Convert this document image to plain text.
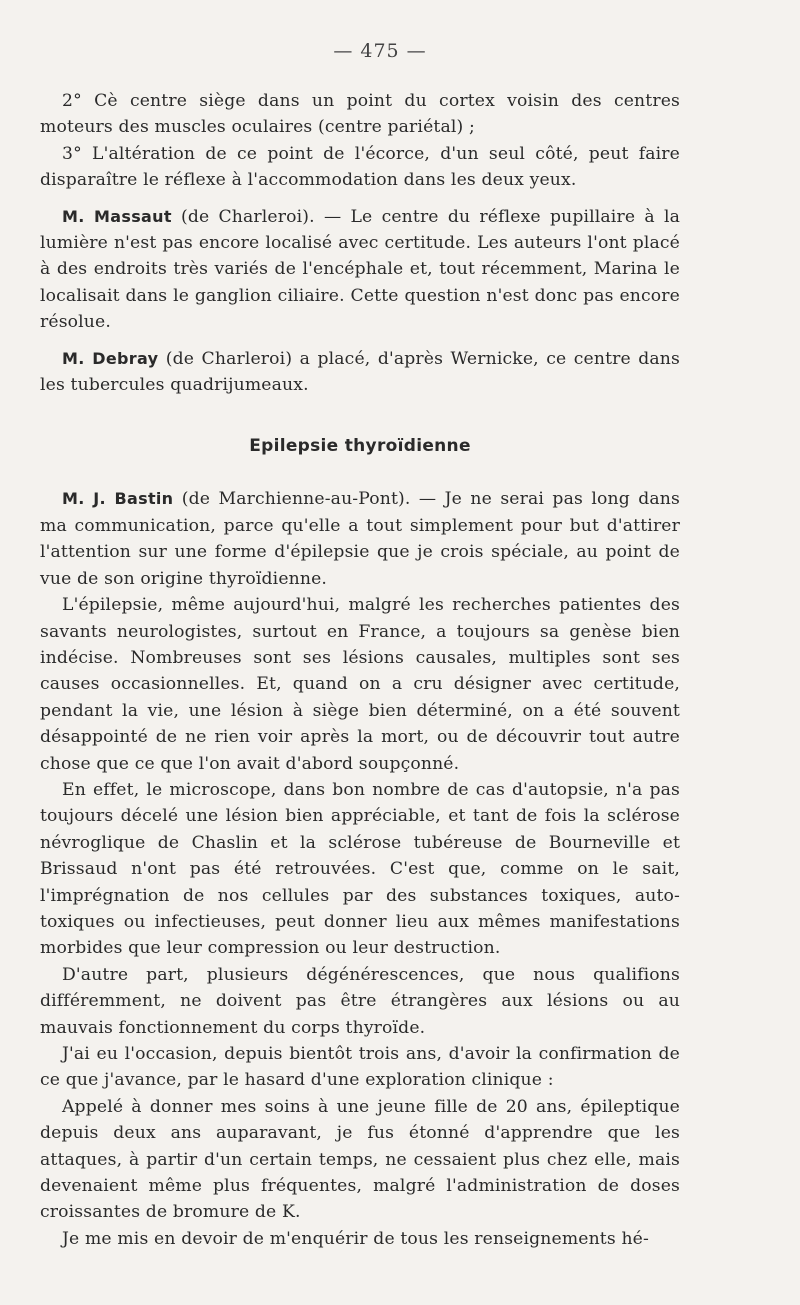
— 475 —

2° Cè centre siège dans un point du cortex voisin des centres moteurs des muscles oculaires (centre pariétal) ;

3° L'altération de ce point de l'écorce, d'un seul côté, peut faire disparaître le réflexe à l'accommodation dans les deux yeux.

M. Massaut (de Charleroi). — Le centre du réflexe pupillaire à la lumière n'est pas encore localisé avec certitude. Les auteurs l'ont placé à des endroits très variés de l'encéphale et, tout récemment, Marina le localisait dans le ganglion ciliaire. Cette question n'est donc pas encore résolue.

M. Debray (de Charleroi) a placé, d'après Wernicke, ce centre dans les tubercules quadrijumeaux.

Epilepsie thyroïdienne

M. J. Bastin (de Marchienne-au-Pont). — Je ne serai pas long dans ma communication, parce qu'elle a tout simplement pour but d'attirer l'attention sur une forme d'épilepsie que je crois spéciale, au point de vue de son origine thyroïdienne.

L'épilepsie, même aujourd'hui, malgré les recherches patientes des savants neurologistes, surtout en France, a toujours sa genèse bien indécise. Nombreuses sont ses lésions causales, multiples sont ses causes occasionnelles. Et, quand on a cru désigner avec certitude, pendant la vie, une lésion à siège bien déterminé, on a été souvent désappointé de ne rien voir après la mort, ou de découvrir tout autre chose que ce que l'on avait d'abord soupçonné.

En effet, le microscope, dans bon nombre de cas d'autopsie, n'a pas toujours décelé une lésion bien appréciable, et tant de fois la sclérose névroglique de Chaslin et la sclérose tubéreuse de Bourneville et Brissaud n'ont pas été retrouvées. C'est que, comme on le sait, l'imprégnation de nos cellules par des substances toxiques, auto-toxiques ou infectieuses, peut donner lieu aux mêmes manifestations morbides que leur compression ou leur destruction.

D'autre part, plusieurs dégénérescences, que nous qualifions différemment, ne doivent pas être étrangères aux lésions ou au mauvais fonctionnement du corps thyroïde.

J'ai eu l'occasion, depuis bientôt trois ans, d'avoir la confirmation de ce que j'avance, par le hasard d'une exploration clinique :

Appelé à donner mes soins à une jeune fille de 20 ans, épileptique depuis deux ans auparavant, je fus étonné d'apprendre que les attaques, à partir d'un certain temps, ne cessaient plus chez elle, mais devenaient même plus fréquentes, malgré l'administration de doses croissantes de bromure de K.

Je me mis en devoir de m'enquérir de tous les renseignements hé-
